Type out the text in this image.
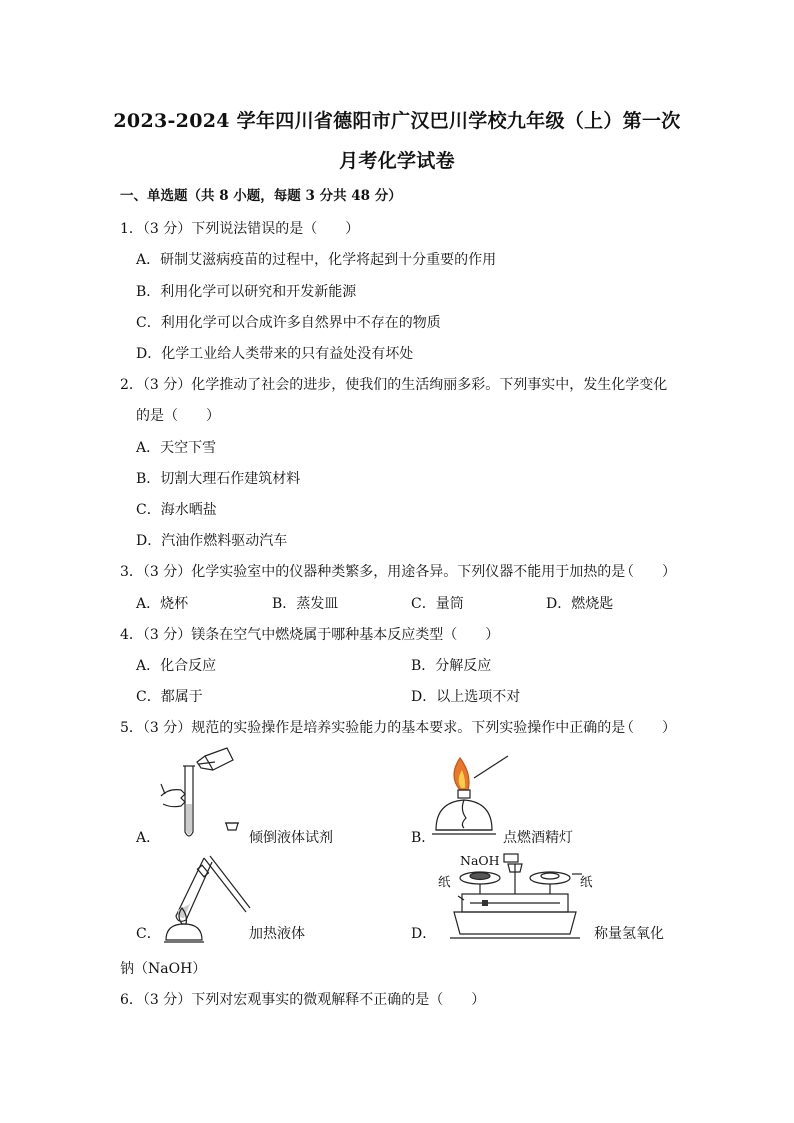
2023-2024 学年四川省德阳市广汉巴川学校九年级（上）第一次
月考化学试卷
一、单选题（共 8 小题，每题 3 分共 48 分）
1．（3 分）下列说法错误的是（　　）
A．研制艾滋病疫苗的过程中，化学将起到十分重要的作用
B．利用化学可以研究和开发新能源
C．利用化学可以合成许多自然界中不存在的物质
D．化学工业给人类带来的只有益处没有坏处
2．（3 分）化学推动了社会的进步，使我们的生活绚丽多彩。下列事实中，发生化学变化
的是（　　）
A．天空下雪
B．切割大理石作建筑材料
C．海水晒盐
D．汽油作燃料驱动汽车
3．（3 分）化学实验室中的仪器种类繁多，用途各异。下列仪器不能用于加热的是
（　　）
A．烧杯	B．蒸发皿	C．量筒	D．燃烧匙
4．（3 分）镁条在空气中燃烧属于哪种基本反应类型（　　）
A．化合反应	B．分解反应
C．都属于	D．以上选项不对
5．（3 分）规范的实验操作是培养实验能力的基本要求。下列实验操作中正确的是
（　　）
A．	倾倒液体试剂	B．	点燃酒精灯
C．	加热液体
NaOH
纸	纸
D．	称量氢氧化
钠（NaOH）
6．（3 分）下列对宏观事实的微观解释不正确的是（　　）
